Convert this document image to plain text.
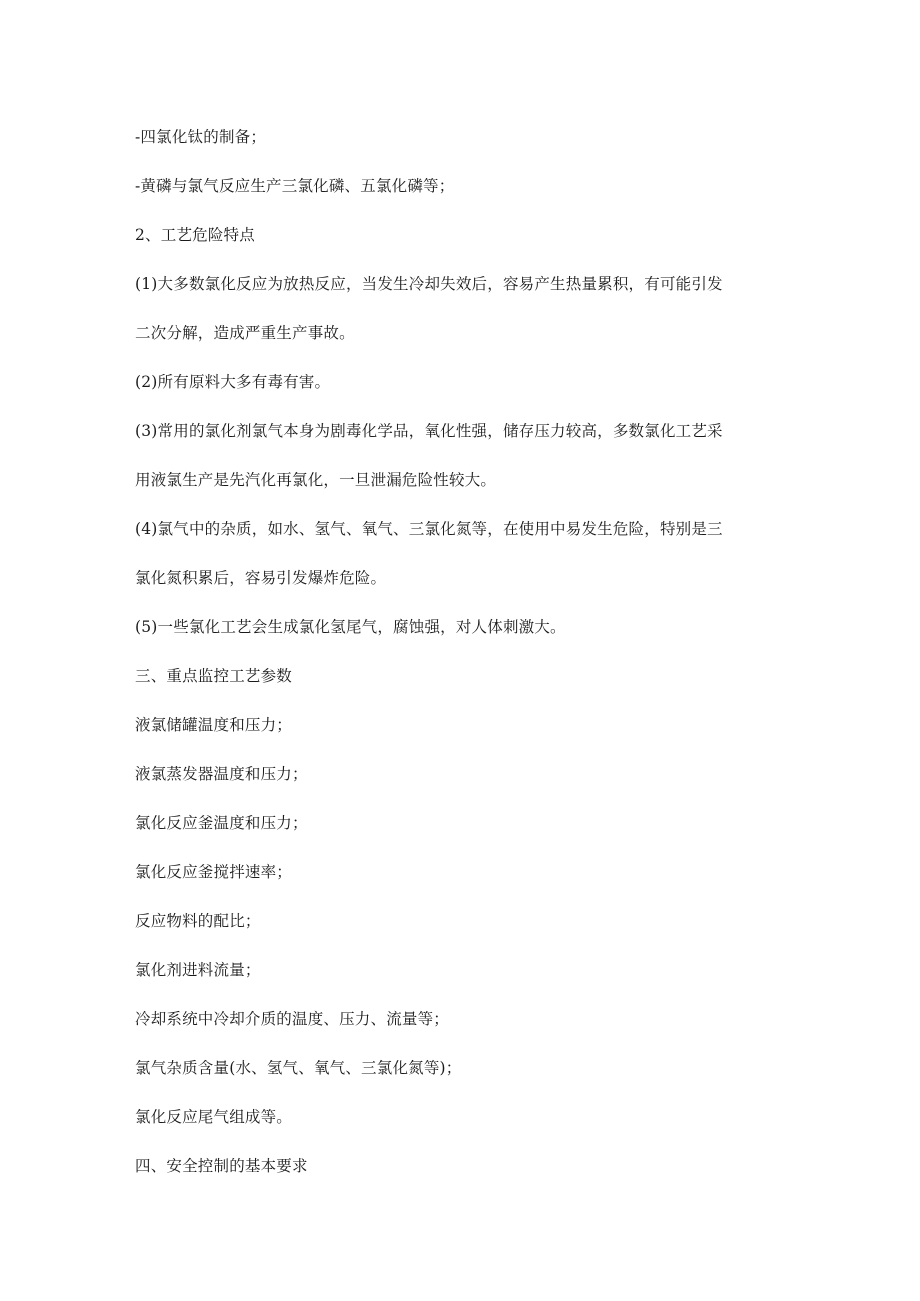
-四氯化钛的制备；
-黄磷与氯气反应生产三氯化磷、五氯化磷等；
2、工艺危险特点
(1)大多数氯化反应为放热反应，当发生冷却失效后，容易产生热量累积，有可能引发
二次分解，造成严重生产事故。
(2)所有原料大多有毒有害。
(3)常用的氯化剂氯气本身为剧毒化学品，氧化性强，储存压力较高，多数氯化工艺采
用液氯生产是先汽化再氯化，一旦泄漏危险性较大。
(4)氯气中的杂质，如水、氢气、氧气、三氯化氮等，在使用中易发生危险，特别是三
氯化氮积累后，容易引发爆炸危险。
(5)一些氯化工艺会生成氯化氢尾气，腐蚀强，对人体刺激大。
三、重点监控工艺参数
液氯储罐温度和压力；
液氯蒸发器温度和压力；
氯化反应釜温度和压力；
氯化反应釜搅拌速率；
反应物料的配比；
氯化剂进料流量；
冷却系统中冷却介质的温度、压力、流量等；
氯气杂质含量(水、氢气、氧气、三氯化氮等)；
氯化反应尾气组成等。
四、安全控制的基本要求
